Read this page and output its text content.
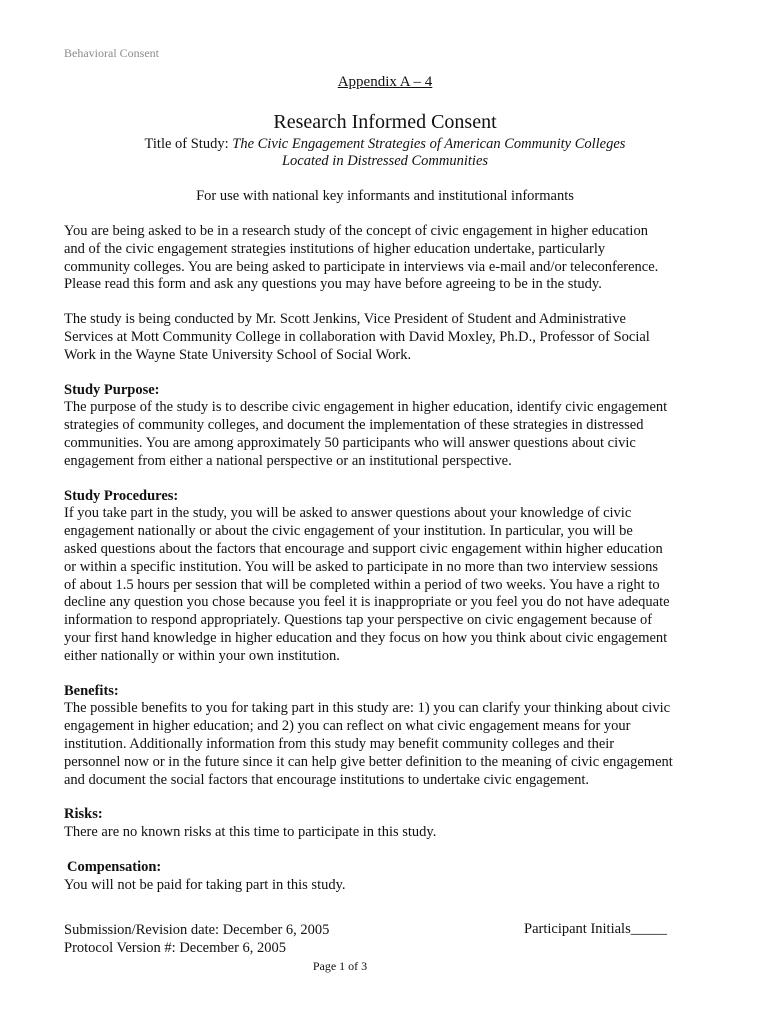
Behavioral Consent
Appendix A – 4
Research Informed Consent
Title of Study: The Civic Engagement Strategies of American Community Colleges
Located in Distressed Communities
For use with national key informants and institutional informants

You are being asked to be in a research study of the concept of civic engagement in higher education

and of the civic engagement strategies institutions of higher education undertake, particularly

community colleges. You are being asked to participate in interviews via e-mail and/or teleconference.

Please read this form and ask any questions you may have before agreeing to be in the study.

The study is being conducted by Mr. Scott Jenkins, Vice President of Student and Administrative

Services at Mott Community College in collaboration with David Moxley, Ph.D., Professor of Social

Work in the Wayne State University School of Social Work.

Study Purpose:

The purpose of the study is to describe civic engagement in higher education, identify civic engagement

strategies of community colleges, and document the implementation of these strategies in distressed

communities. You are among approximately 50 participants who will answer questions about civic

engagement from either a national perspective or an institutional perspective.

Study Procedures:

If you take part in the study, you will be asked to answer questions about your knowledge of civic

engagement nationally or about the civic engagement of your institution. In particular, you will be

asked questions about the factors that encourage and support civic engagement within higher education

or within a specific institution. You will be asked to participate in no more than two interview sessions

of about 1.5 hours per session that will be completed within a period of two weeks. You have a right to

decline any question you chose because you feel it is inappropriate or you feel you do not have adequate

information to respond appropriately. Questions tap your perspective on civic engagement because of

your first hand knowledge in higher education and they focus on how you think about civic engagement

either nationally or within your own institution.

Benefits:

The possible benefits to you for taking part in this study are: 1) you can clarify your thinking about civic

engagement in higher education; and 2) you can reflect on what civic engagement means for your

institution. Additionally information from this study may benefit community colleges and their

personnel now or in the future since it can help give better definition to the meaning of civic engagement

and document the social factors that encourage institutions to undertake civic engagement.

Risks:

There are no known risks at this time to participate in this study.

Compensation:

You will not be paid for taking part in this study.

Submission/Revision date: December 6, 2005
Protocol Version #: December 6, 2005
Participant Initials_____
Page 1 of 3
